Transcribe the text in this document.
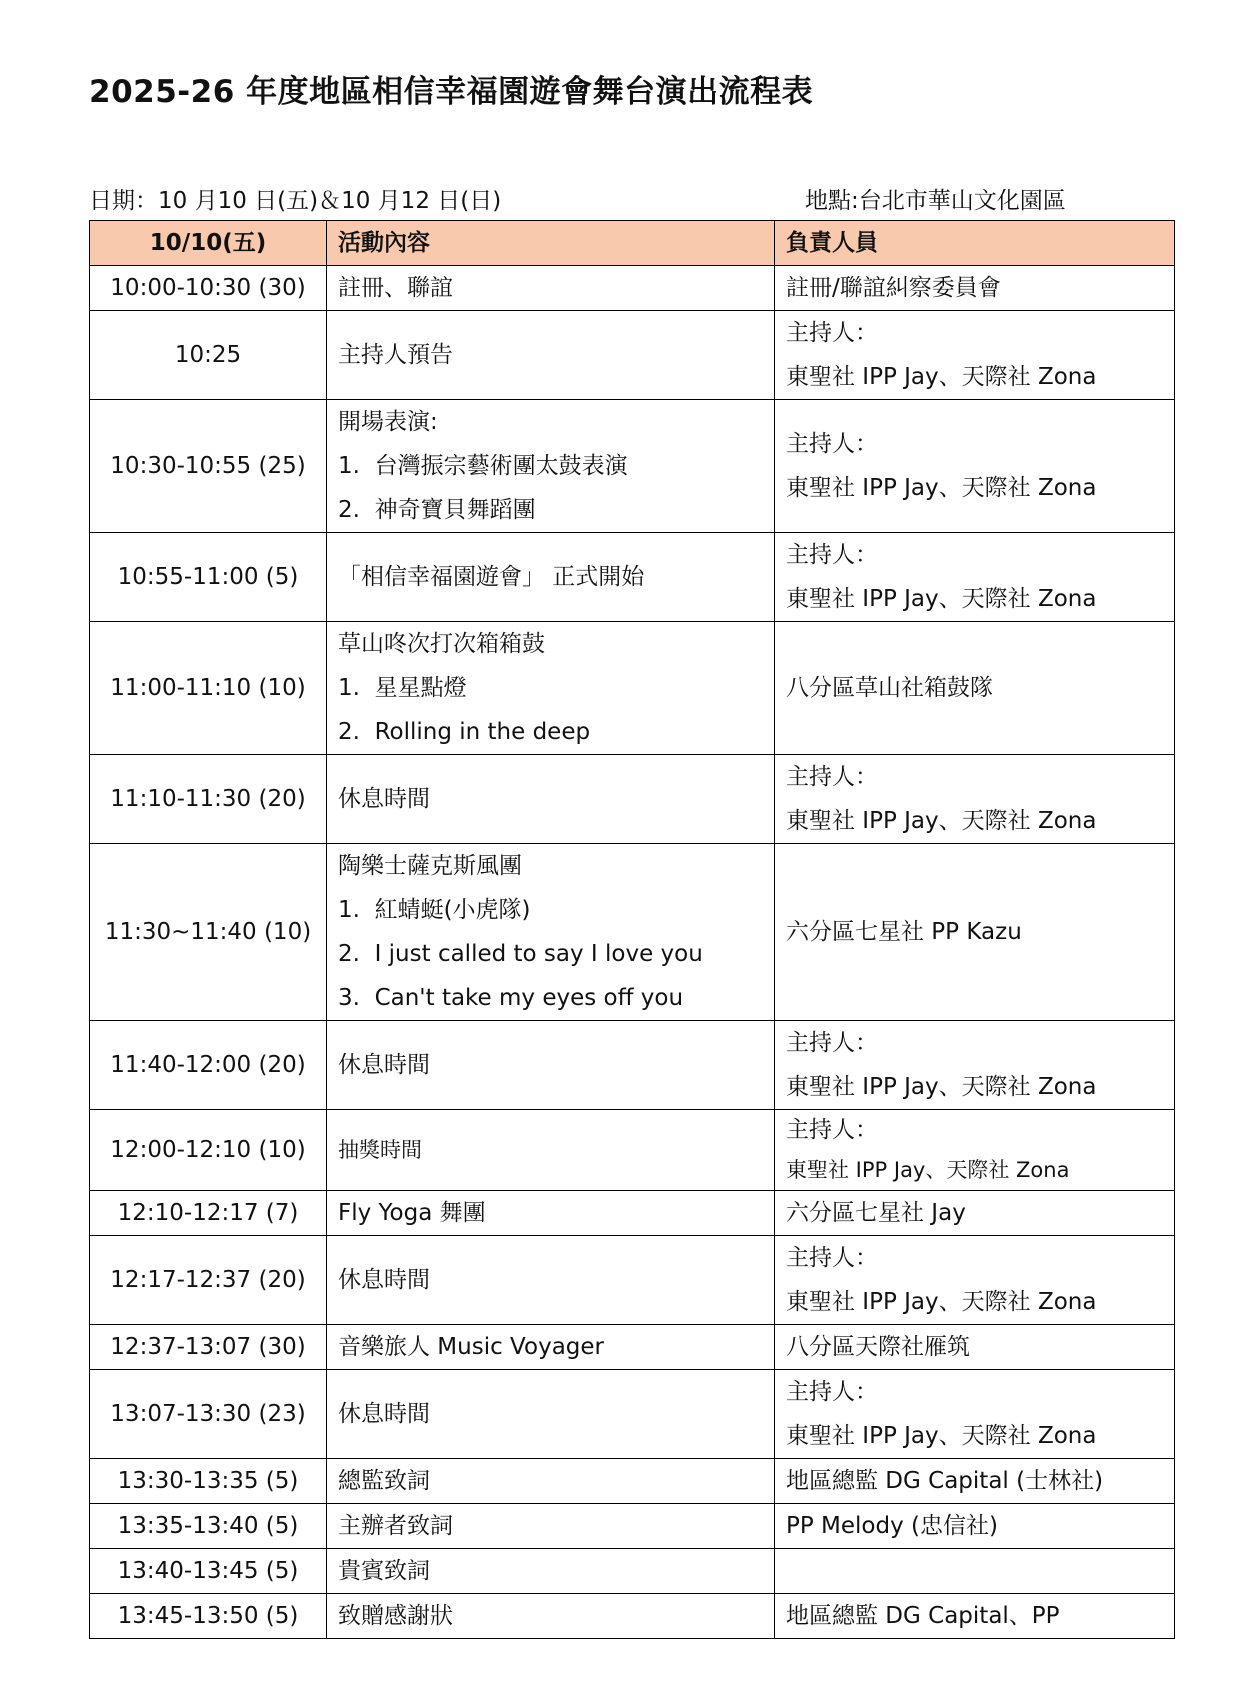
2025-26 年度地區相信幸福園遊會舞台演出流程表
日期：10 月10 日(五)＆10 月12 日(日)	地點:台北市華山文化園區
10/10(五)	活動內容	負責人員
10:00-10:30 (30)	註冊、聯誼	註冊/聯誼糾察委員會

10:25	主持人預告	主持人：
東聖社 IPP Jay、天際社 Zona

10:30-10:55 (25)	開場表演:
1.  台灣振宗藝術團太鼓表演
2.  神奇寶貝舞蹈團	主持人：
東聖社 IPP Jay、天際社 Zona

10:55-11:00 (5)	「相信幸福園遊會」 正式開始	主持人：
東聖社 IPP Jay、天際社 Zona

11:00-11:10 (10)	草山咚次打次箱箱鼓
1.  星星點燈
2.  Rolling in the deep	八分區草山社箱鼓隊

11:10-11:30 (20)	休息時間	主持人：
東聖社 IPP Jay、天際社 Zona

11:30~11:40 (10)	陶樂士薩克斯風團
1.  紅蜻蜓(小虎隊)
2.  I just called to say I love you
3.  Can't take my eyes off you	六分區七星社 PP Kazu

11:40-12:00 (20)	休息時間	主持人：
東聖社 IPP Jay、天際社 Zona

12:00-12:10 (10)	抽獎時間	主持人：
東聖社 IPP Jay、天際社 Zona

12:10-12:17 (7)	Fly Yoga 舞團	六分區七星社 Jay

12:17-12:37 (20)	休息時間	主持人：
東聖社 IPP Jay、天際社 Zona

12:37-13:07 (30)	音樂旅人 Music Voyager	八分區天際社雁筑

13:07-13:30 (23)	休息時間	主持人：
東聖社 IPP Jay、天際社 Zona

13:30-13:35 (5)	總監致詞	地區總監 DG Capital (士林社)

13:35-13:40 (5)	主辦者致詞	PP Melody (忠信社)

13:40-13:45 (5)	貴賓致詞	

13:45-13:50 (5)	致贈感謝狀	地區總監 DG Capital、PP
